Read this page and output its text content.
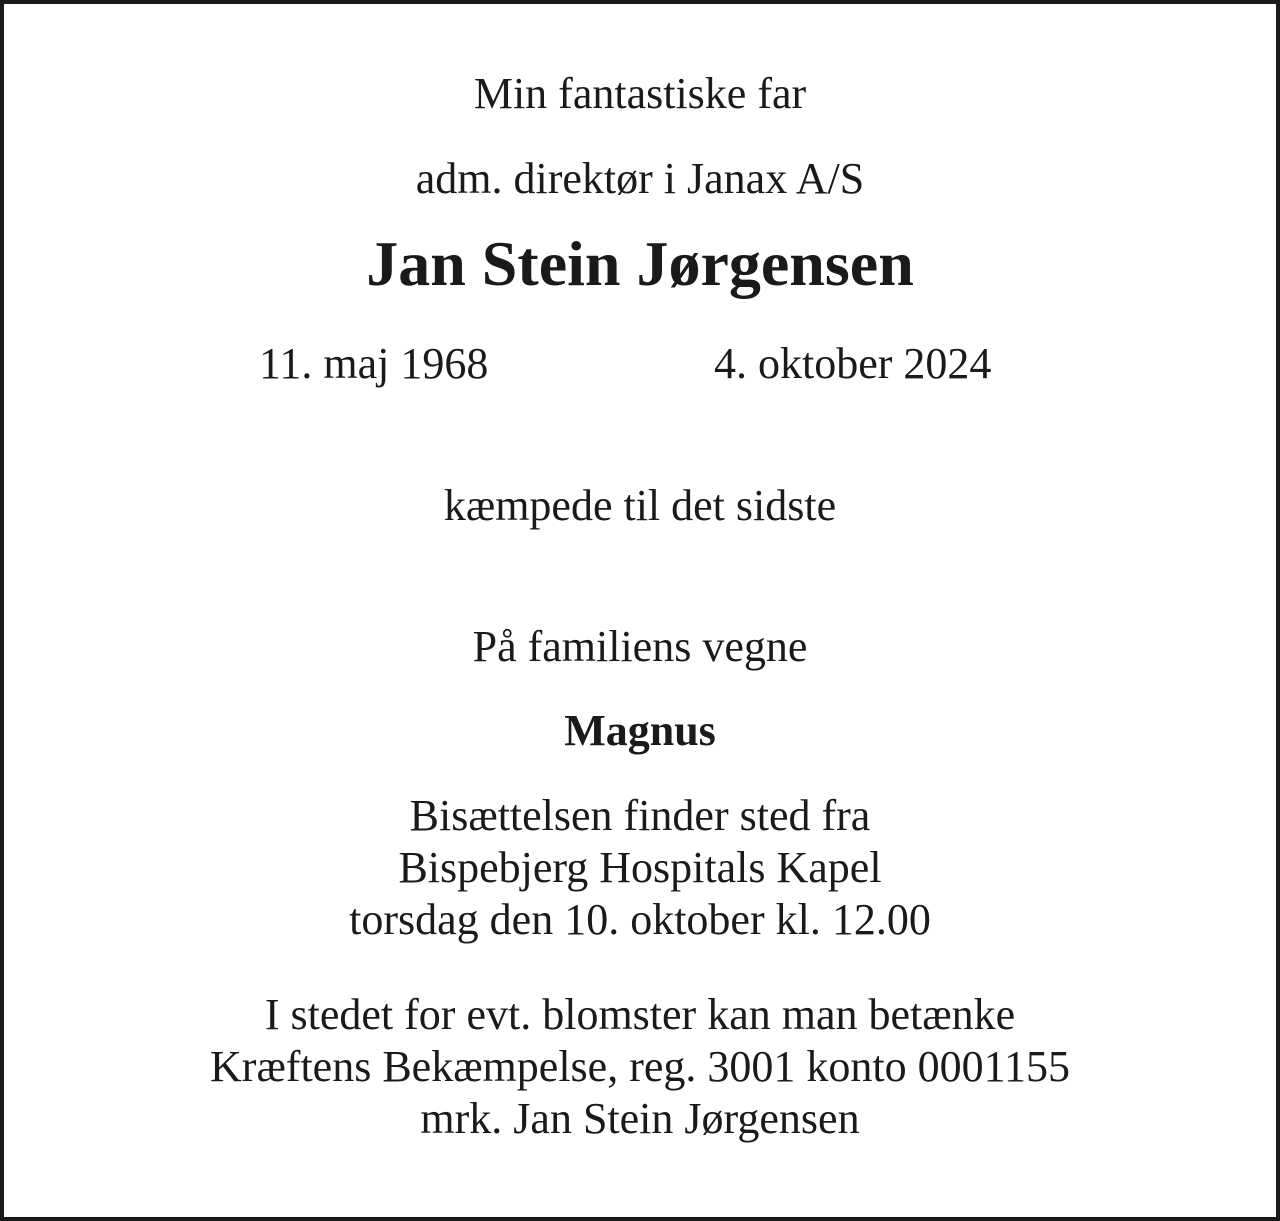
Min fantastiske far
adm. direktør i Janax A/S
Jan Stein Jørgensen
11. maj 1968	4. oktober 2024
kæmpede til det sidste
På familiens vegne
Magnus
Bisættelsen finder sted fra
Bispebjerg Hospitals Kapel
torsdag den 10. oktober kl. 12.00
I stedet for evt. blomster kan man betænke
Kræftens Bekæmpelse, reg. 3001 konto 0001155
mrk. Jan Stein Jørgensen
